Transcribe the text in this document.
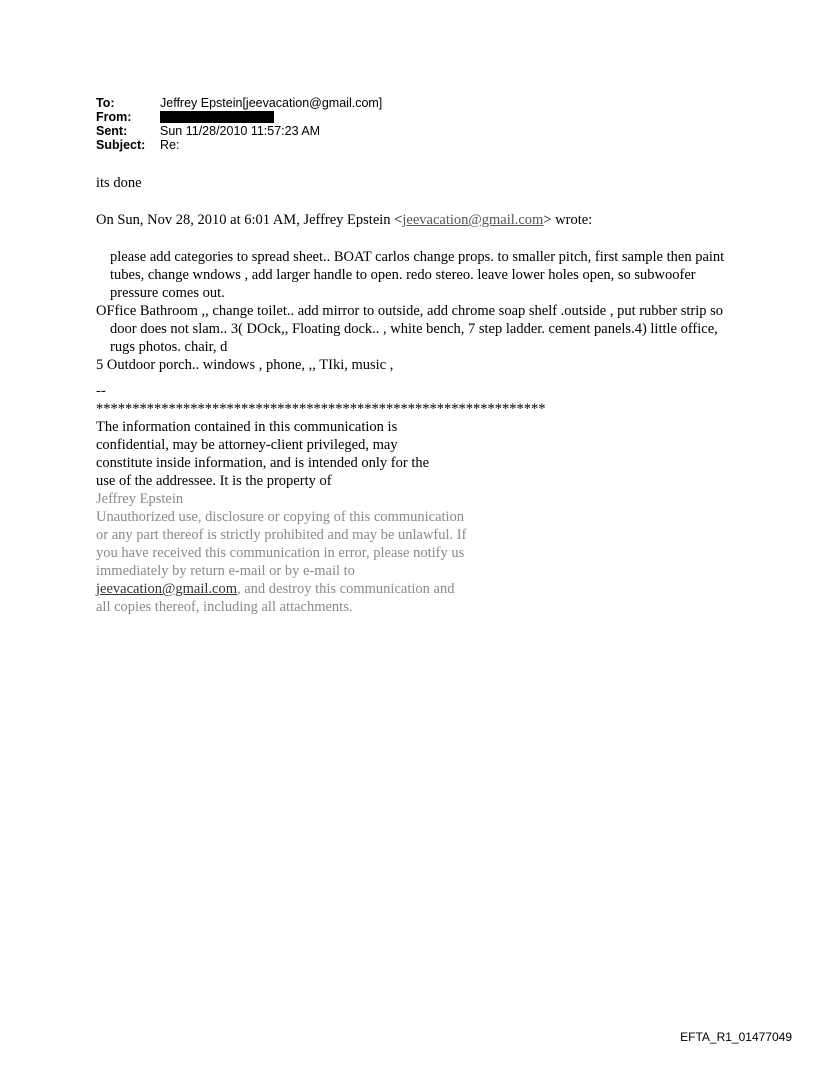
To:	Jeffrey Epstein[jeevacation@gmail.com]
From:
Sent:	Sun 11/28/2010 11:57:23 AM
Subject:	Re:
its done
On Sun, Nov 28, 2010 at 6:01 AM, Jeffrey Epstein <jeevacation@gmail.com> wrote:

please add categories to spread sheet.. BOAT carlos change props. to smaller pitch, first sample then paint tubes, change wndows , add larger handle to open. redo stereo. leave lower holes open, so subwoofer pressure comes out.

OFfice Bathroom ,, change toilet.. add mirror to outside, add chrome soap shelf .outside , put rubber strip so door does not slam.. 3( DOck,, Floating dock.. , white bench, 7 step ladder. cement panels.4) little office, rugs photos. chair, d

5 Outdoor porch.. windows , phone, ,, TIki, music ,

--
**************************************************************
The information contained in this communication is confidential, may be attorney-client privileged, may constitute inside information, and is intended only for the use of the addressee. It is the property of
Jeffrey Epstein
Unauthorized use, disclosure or copying of this communication or any part thereof is strictly prohibited and may be unlawful. If you have received this communication in error, please notify us immediately by return e-mail or by e-mail to jeevacation@gmail.com, and destroy this communication and all copies thereof, including all attachments.
EFTA_R1_01477049
